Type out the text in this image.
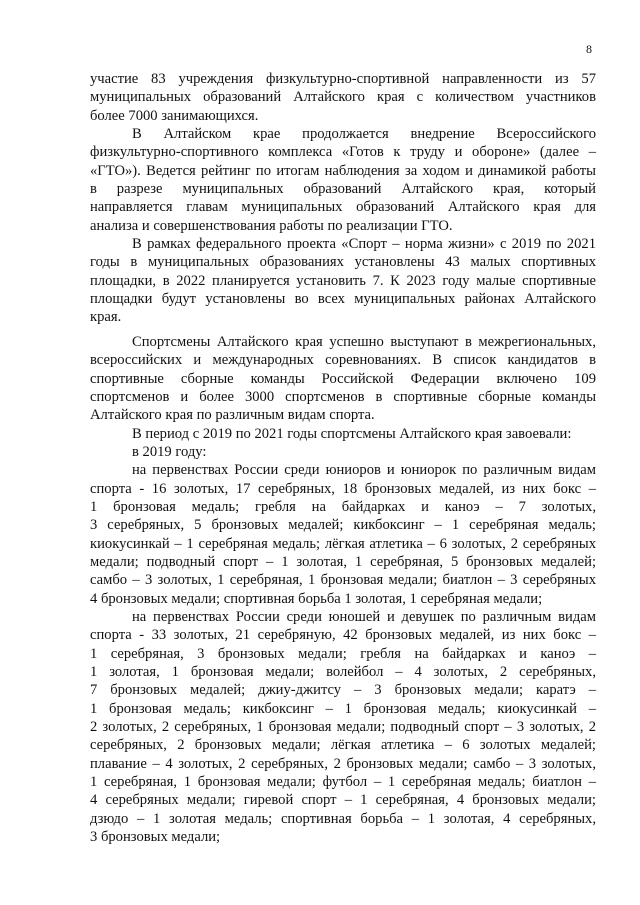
8
участие 83 учреждения физкультурно-спортивной направленности из 57
муниципальных образований Алтайского края с количеством участников
более 7000 занимающихся.
В Алтайском крае продолжается внедрение Всероссийского
физкультурно-спортивного комплекса «Готов к труду и обороне» (далее –
«ГТО»). Ведется рейтинг по итогам наблюдения за ходом и динамикой работы
в разрезе муниципальных образований Алтайского края, который
направляется главам муниципальных образований Алтайского края для
анализа и совершенствования работы по реализации ГТО.
В рамках федерального проекта «Спорт – норма жизни» с 2019 по 2021
годы в муниципальных образованиях установлены 43 малых спортивных
площадки, в 2022 планируется установить 7. К 2023 году малые спортивные
площадки будут установлены во всех муниципальных районах Алтайского
края.
Спортсмены Алтайского края успешно выступают в межрегиональных,
всероссийских и международных соревнованиях. В список кандидатов в
спортивные сборные команды Российской Федерации включено 109
спортсменов и более 3000 спортсменов в спортивные сборные команды
Алтайского края по различным видам спорта.
В период с 2019 по 2021 годы спортсмены Алтайского края завоевали:
в 2019 году:
на первенствах России среди юниоров и юниорок по различным видам
спорта - 16 золотых, 17 серебряных, 18 бронзовых медалей, из них бокс –
1 бронзовая медаль; гребля на байдарках и каноэ – 7 золотых,
3 серебряных, 5 бронзовых медалей; кикбоксинг – 1 серебряная медаль;
киокусинкай – 1 серебряная медаль; лёгкая атлетика – 6 золотых, 2 серебряных
медали; подводный спорт – 1 золотая, 1 серебряная, 5 бронзовых медалей;
самбо – 3 золотых, 1 серебряная, 1 бронзовая медали; биатлон – 3 серебряных
4 бронзовых медали; спортивная борьба 1 золотая, 1 серебряная медали;
на первенствах России среди юношей и девушек по различным видам
спорта - 33 золотых, 21 серебряную, 42 бронзовых медалей, из них бокс –
1 серебряная, 3 бронзовых медали; гребля на байдарках и каноэ –
1 золотая, 1 бронзовая медали; волейбол – 4 золотых, 2 серебряных,
7 бронзовых медалей; джиу-джитсу – 3 бронзовых медали; каратэ –
1 бронзовая медаль; кикбоксинг – 1 бронзовая медаль; киокусинкай –
2 золотых, 2 серебряных, 1 бронзовая медали; подводный спорт – 3 золотых, 2
серебряных, 2 бронзовых медали; лёгкая атлетика – 6 золотых медалей;
плавание – 4 золотых, 2 серебряных, 2 бронзовых медали; самбо – 3 золотых,
1 серебряная, 1 бронзовая медали; футбол – 1 серебряная медаль; биатлон –
4 серебряных медали; гиревой спорт – 1 серебряная, 4 бронзовых медали;
дзюдо – 1 золотая медаль; спортивная борьба – 1 золотая, 4 серебряных,
3 бронзовых медали;
